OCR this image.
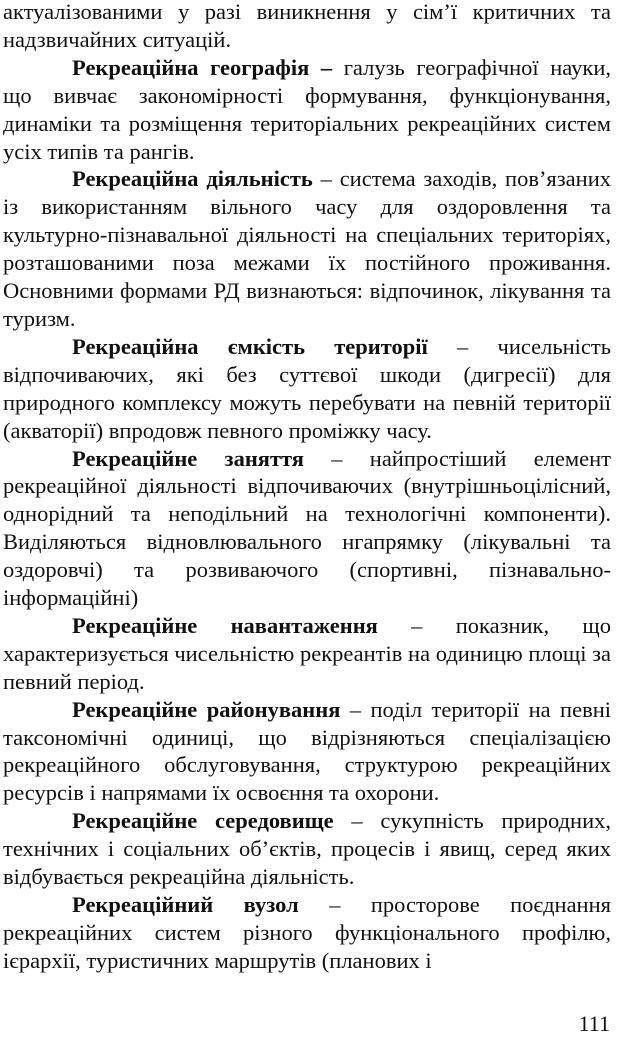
актуалізованими у разі виникнення у сім’ї критичних та надзвичайних ситуацій.

Рекреаційна географія – галузь географічної науки, що вивчає закономірності формування, функціонування, динаміки та розміщення територіальних рекреаційних систем усіх типів та рангів.

Рекреаційна діяльність – система заходів, пов’язаних із використанням вільного часу для оздоровлення та культурно-пізнавальної діяльності на спеціальних територіях, розташованими поза межами їх постійного проживання. Основними формами РД визнаються: відпочинок, лікування та туризм.

Рекреаційна ємкість території – чисельність відпочиваючих, які без суттєвої шкоди (дигресії) для природного комплексу можуть перебувати на певній території (акваторії) впродовж певного проміжку часу.

Рекреаційне заняття – найпростіший елемент рекреаційної діяльності відпочиваючих (внутрішньоцілісний, однорідний та неподільний на технологічні компоненти). Виділяються відновлювального нгапрямку (лікувальні та оздоровчі) та розвиваючого (спортивні, пізнавально-інформаційні)

Рекреаційне навантаження – показник, що характеризується чисельністю рекреантів на одиницю площі за певний період.

Рекреаційне районування – поділ території на певні таксономічні одиниці, що відрізняються спеціалізацією рекреаційного обслуговування, структурою рекреаційних ресурсів і напрямами їх освоєння та охорони.

Рекреаційне середовище – сукупність природних, технічних і соціальних об’єктів, процесів і явищ, серед яких відбувається рекреаційна діяльність.

Рекреаційний вузол – просторове поєднання рекреаційних систем різного функціонального профілю, ієрархії, туристичних маршрутів (планових і

111
